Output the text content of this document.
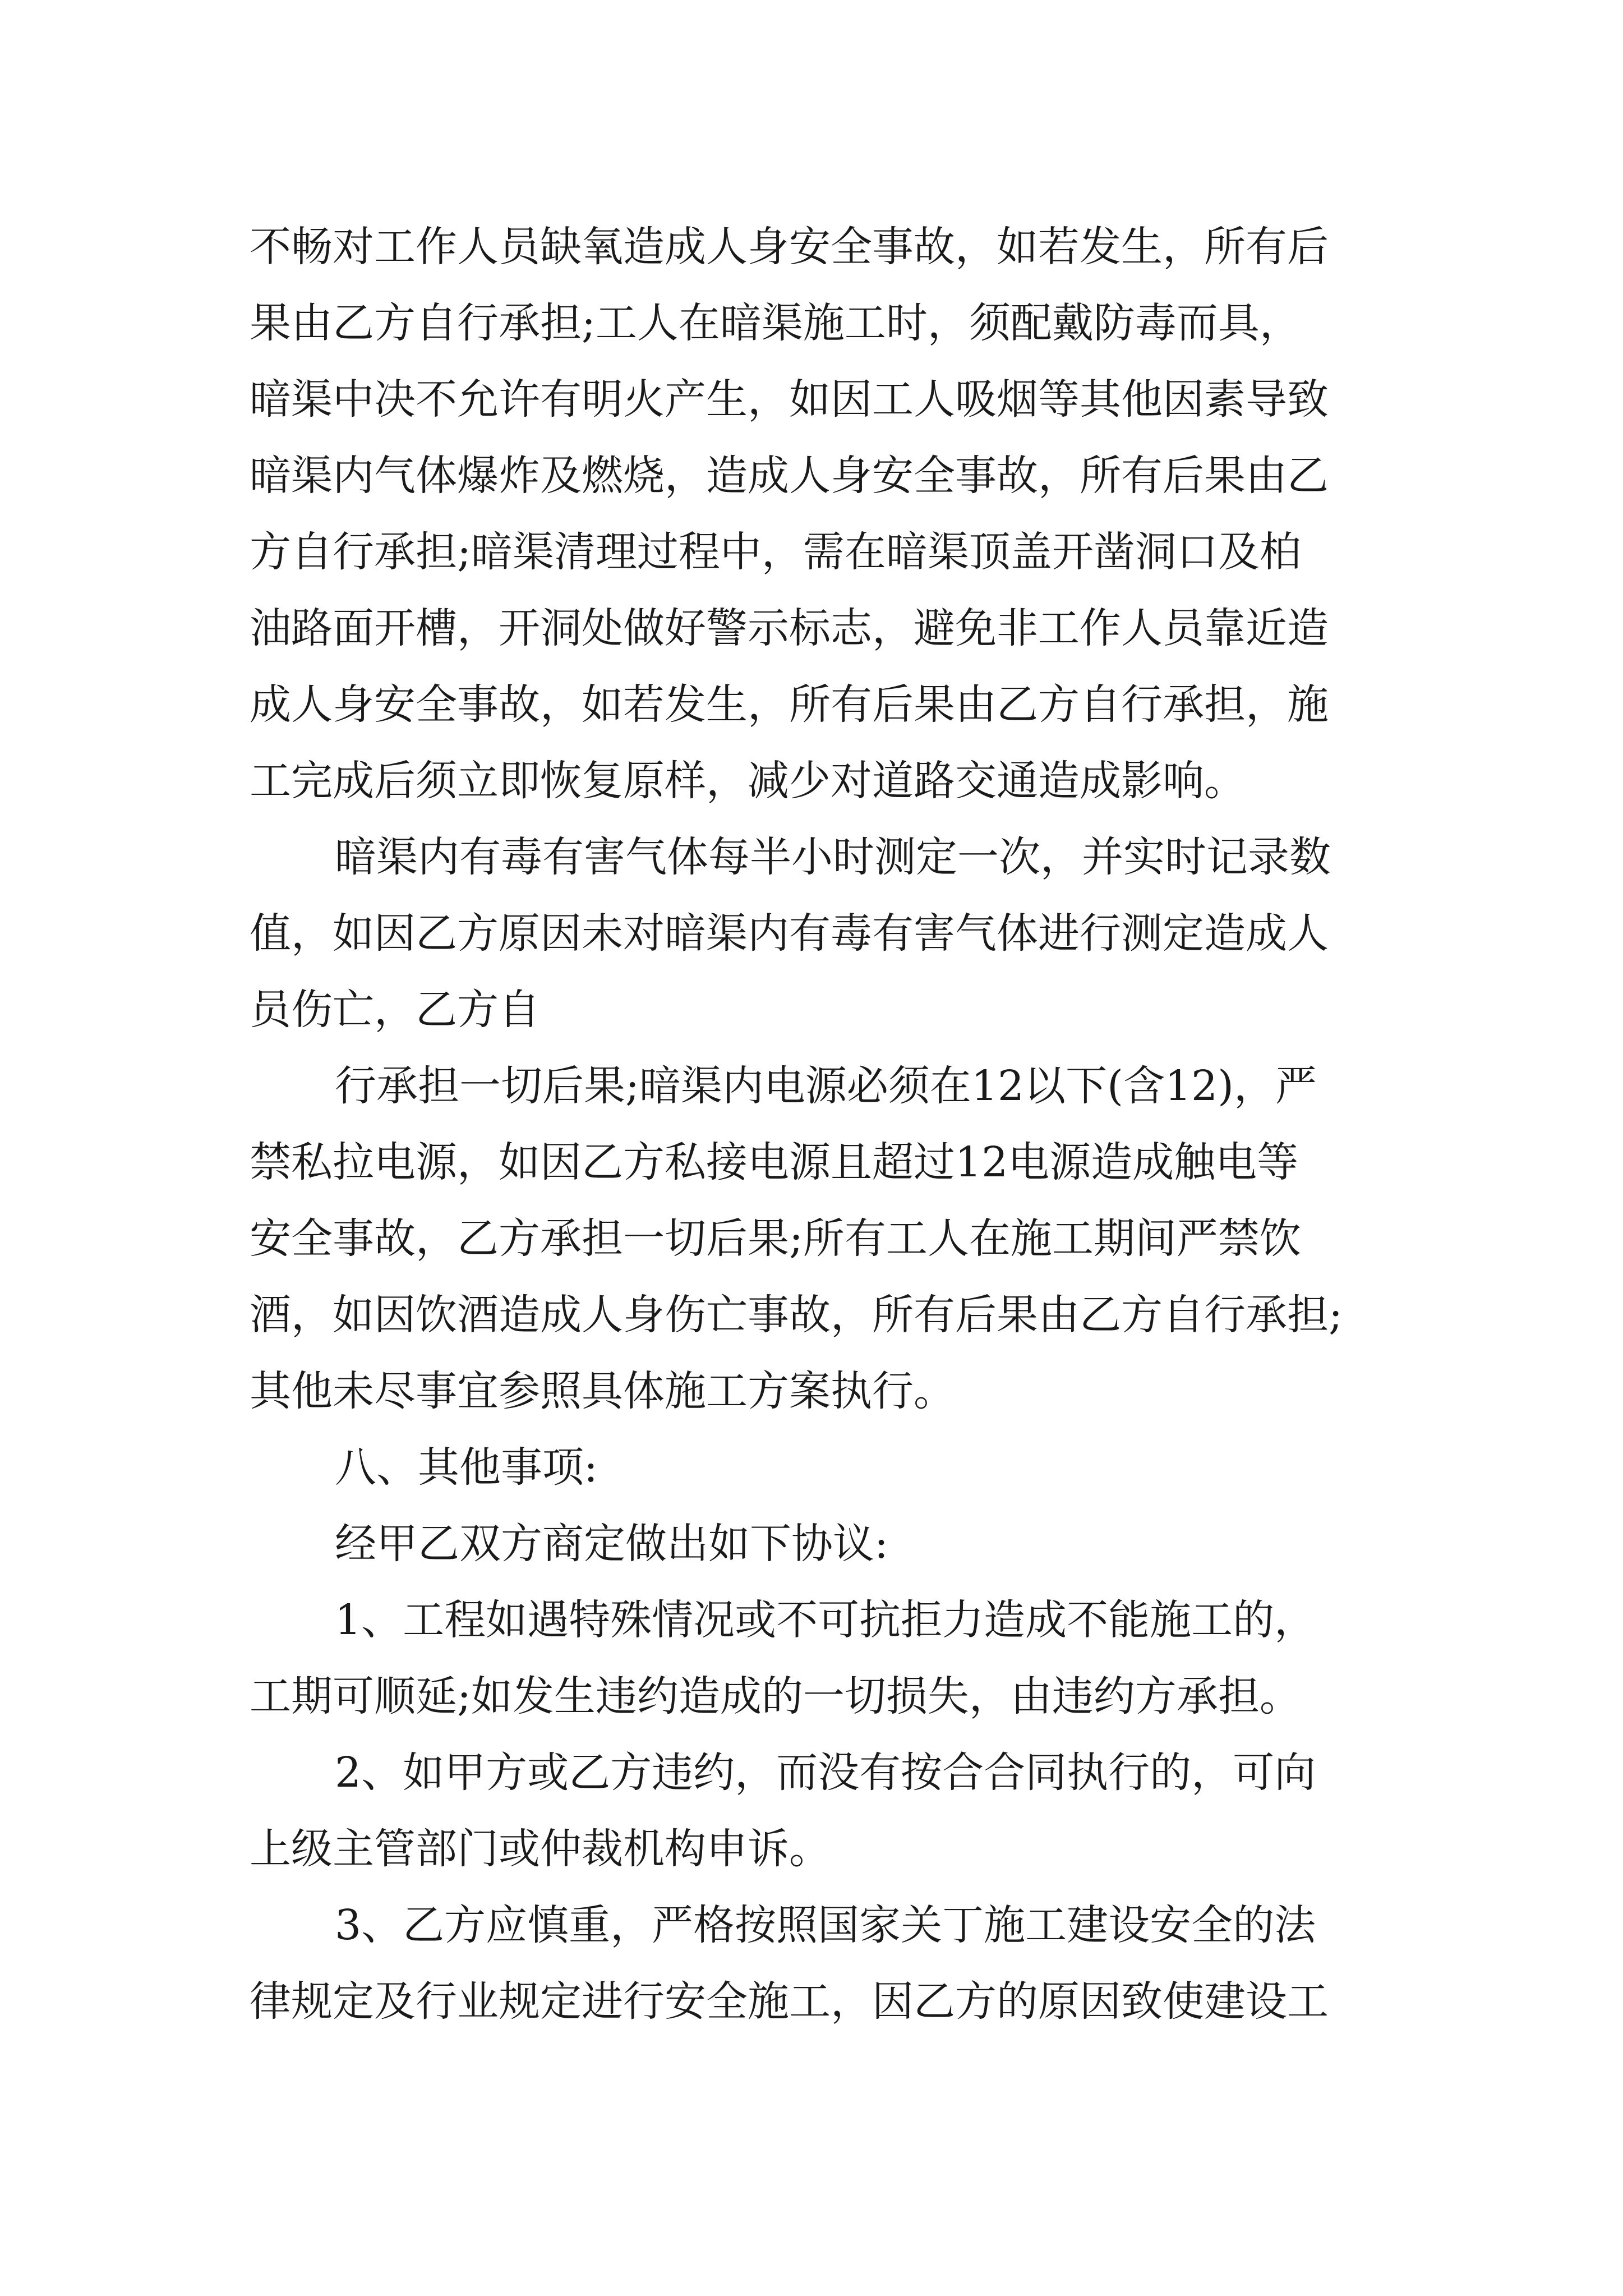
不畅对工作人员缺氧造成人身安全事故，如若发生，所有后
果由乙方自行承担;工人在暗渠施工时，须配戴防毒而具，
暗渠中决不允许有明火产生，如因工人吸烟等其他因素导致
暗渠内气体爆炸及燃烧，造成人身安全事故，所有后果由乙
方自行承担;暗渠清理过程中，需在暗渠顶盖开凿洞口及柏
油路面开槽，开洞处做好警示标志，避免非工作人员靠近造
成人身安全事故，如若发生，所有后果由乙方自行承担，施
工完成后须立即恢复原样，减少对道路交通造成影响。
暗渠内有毒有害气体每半小时测定一次，并实时记录数
值，如因乙方原因未对暗渠内有毒有害气体进行测定造成人
员伤亡，乙方自
行承担一切后果;暗渠内电源必须在12以下(含12)，严
禁私拉电源，如因乙方私接电源且超过12电源造成触电等
安全事故，乙方承担一切后果;所有工人在施工期间严禁饮
酒，如因饮酒造成人身伤亡事故，所有后果由乙方自行承担;
其他未尽事宜参照具体施工方案执行。
八、其他事项:
经甲乙双方商定做出如下协议:
1、工程如遇特殊情况或不可抗拒力造成不能施工的，
工期可顺延;如发生违约造成的一切损失，由违约方承担。
2、如甲方或乙方违约，而没有按合合同执行的，可向
上级主管部门或仲裁机构申诉。
3、乙方应慎重，严格按照国家关丁施工建设安全的法
律规定及行业规定进行安全施工，因乙方的原因致使建设工
